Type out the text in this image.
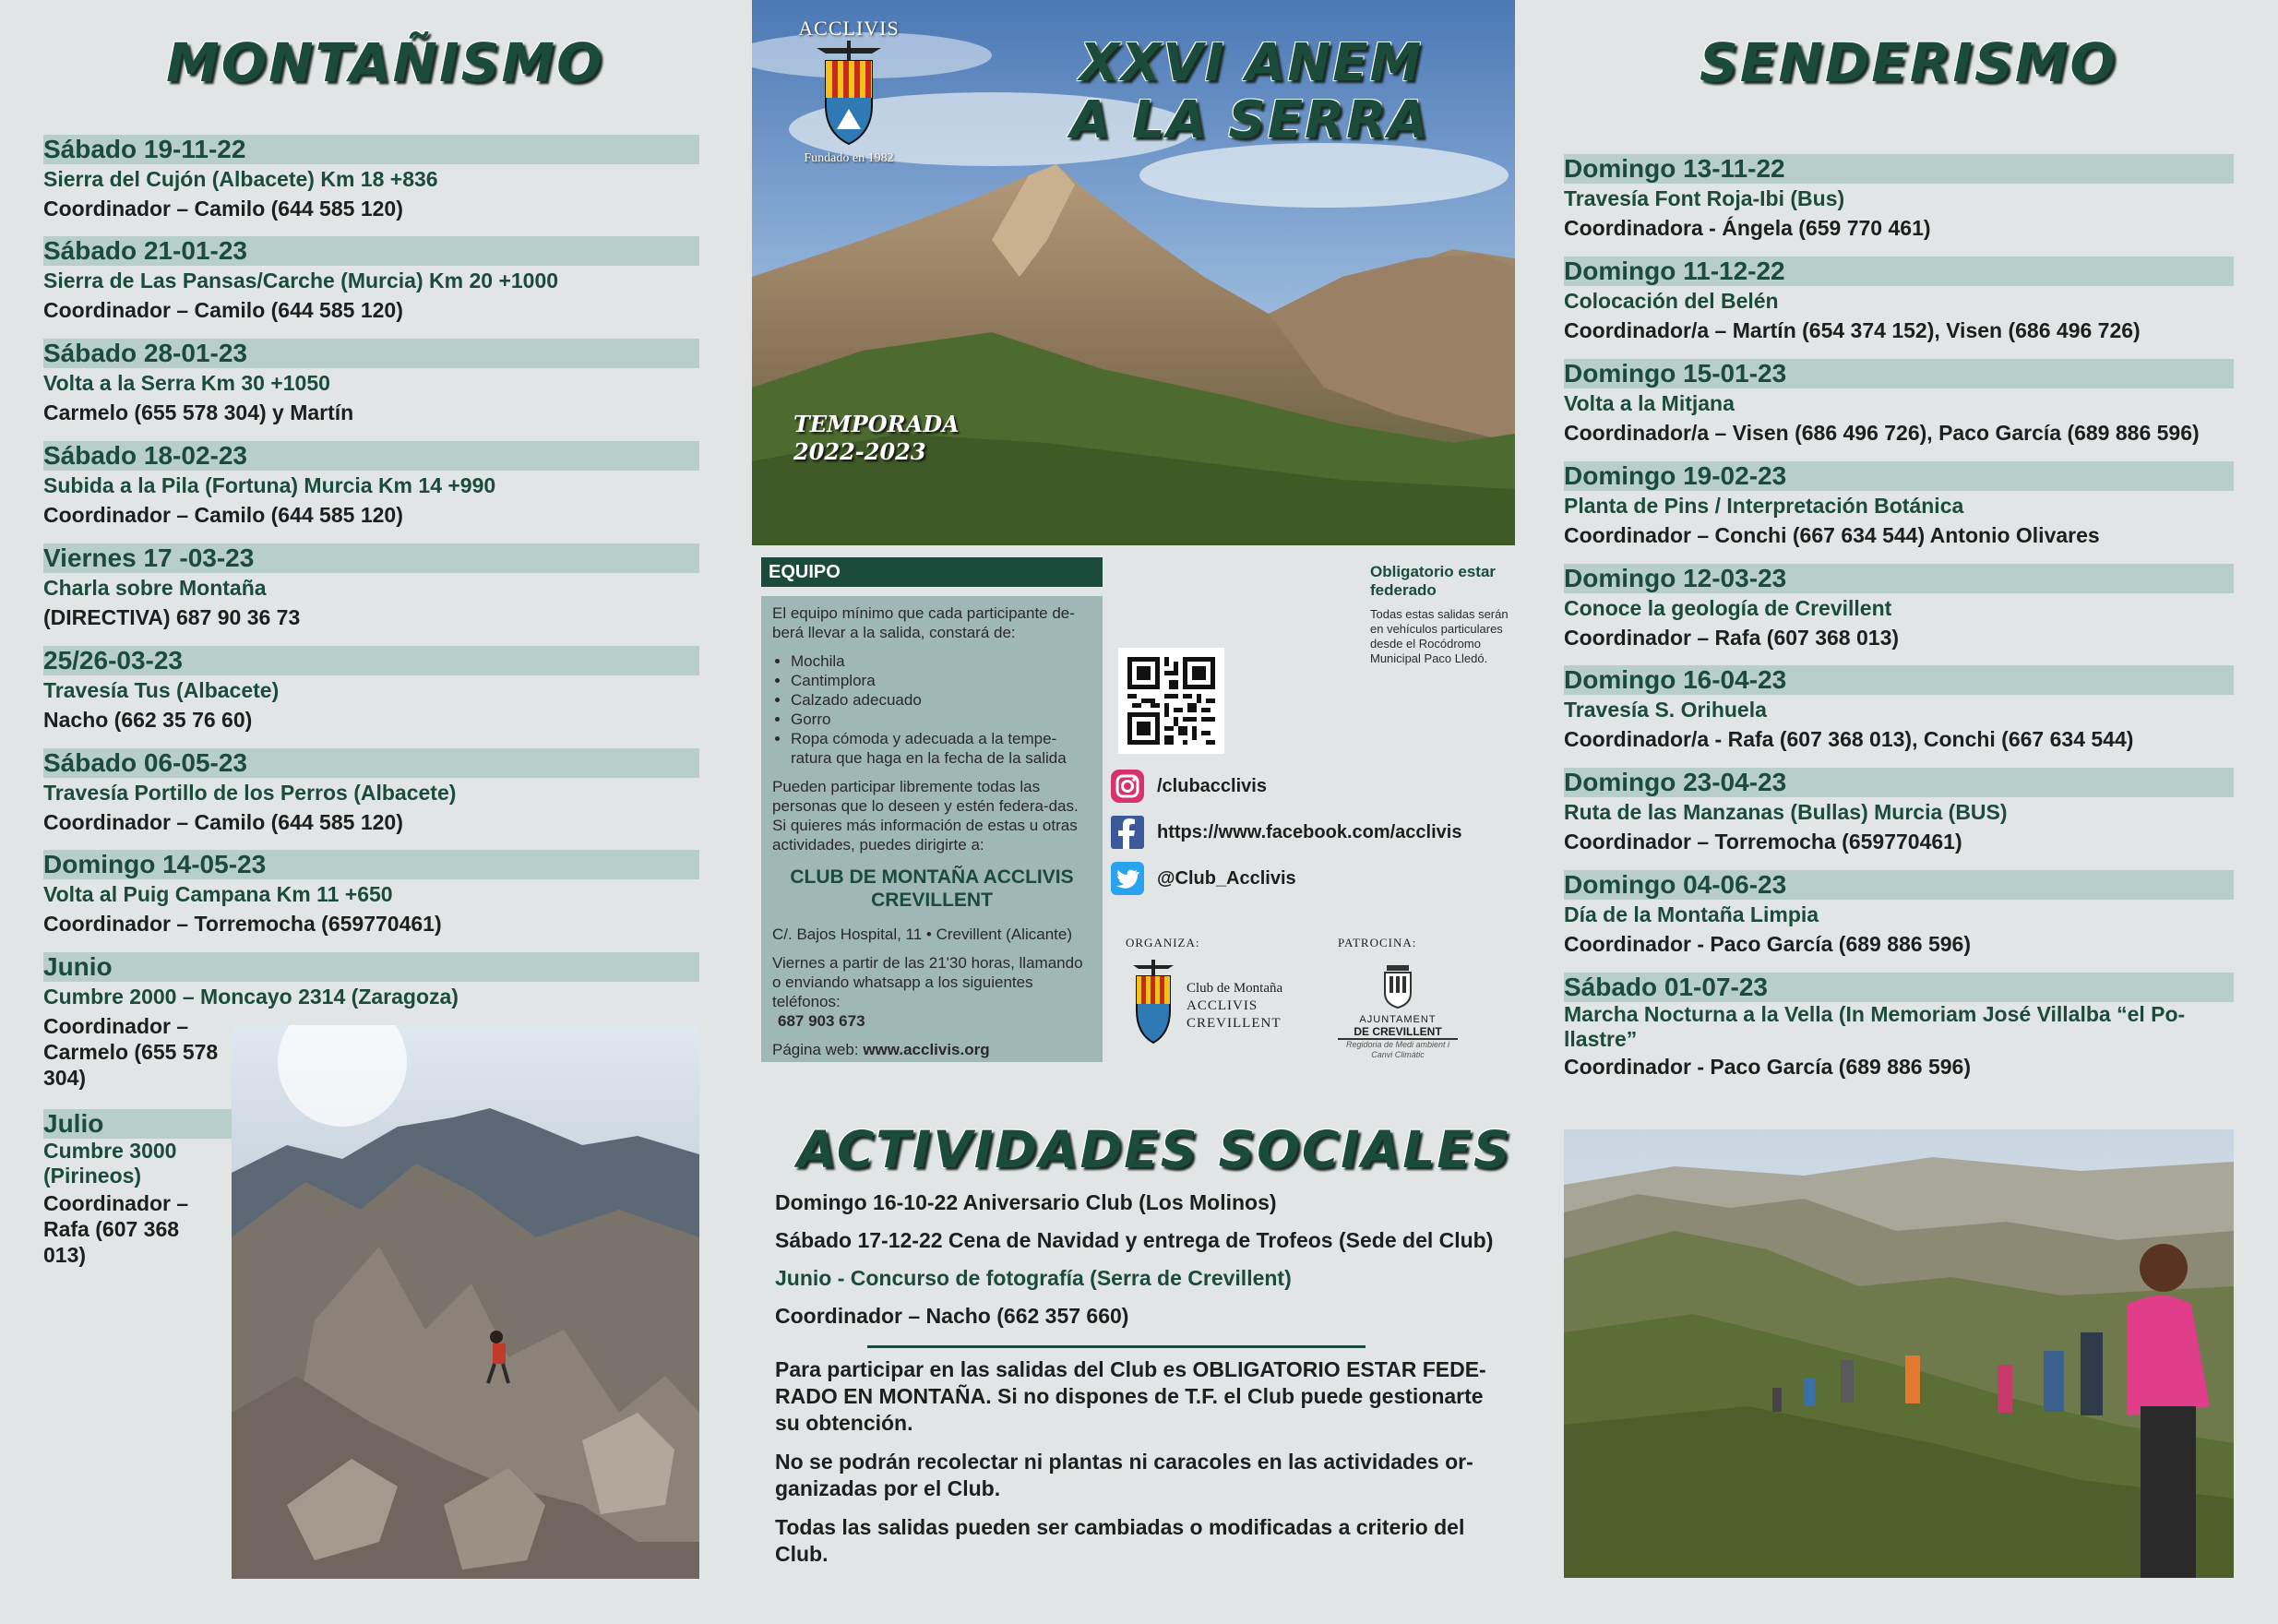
MONTAÑISMO
Sábado 19-11-22
Sierra del Cujón (Albacete) Km 18 +836
Coordinador – Camilo (644 585 120)
Sábado 21-01-23
Sierra de Las Pansas/Carche (Murcia) Km 20 +1000
Coordinador – Camilo (644 585 120)
Sábado 28-01-23
Volta a la Serra Km 30 +1050
Carmelo (655 578 304) y Martín
Sábado 18-02-23
Subida a la Pila (Fortuna) Murcia Km 14 +990
Coordinador – Camilo (644 585 120)
Viernes 17 -03-23
Charla sobre Montaña
(DIRECTIVA) 687 90 36 73
25/26-03-23
Travesía Tus (Albacete)
Nacho (662 35 76 60)
Sábado 06-05-23
Travesía Portillo de los Perros (Albacete)
Coordinador – Camilo (644 585 120)
Domingo 14-05-23
Volta al Puig Campana Km 11 +650
Coordinador – Torremocha (659770461)
Junio
Cumbre 2000 – Moncayo 2314 (Zaragoza)
Coordinador – Carmelo (655 578 304)
Julio
Cumbre 3000 (Pirineos)
Coordinador – Rafa (607 368 013)
ACCLIVIS
Fundado en 1982
XXVI ANEM
A LA SERRA
TEMPORADA
2022-2023
Obligatorio estar federado
Todas estas salidas serán en vehículos particulares desde el Rocódromo Municipal Paco Lledó.
/clubacclivis
https://www.facebook.com/acclivis
@Club_Acclivis
ORGANIZA:
Club de Montaña
ACCLIVIS
CREVILLENT
PATROCINA:
AJUNTAMENT
DE CREVILLENT
Regidoria de Medi ambient i Canvi Climàtic
ACTIVIDADES SOCIALES
EQUIPO
El equipo mínimo que cada participante de-berá llevar a la salida, constará de:
• Mochila
• Cantimplora
• Calzado adecuado
• Gorro
• Ropa cómoda y adecuada a la tempe-ratura que haga en la fecha de la salida
Pueden participar libremente todas las personas que lo deseen y estén federa-das. Si quieres más información de estas u otras actividades, puedes dirigirte a:
CLUB DE MONTAÑA ACCLIVIS CREVILLENT
C/. Bajos Hospital, 11 • Crevillent (Alicante)
Viernes a partir de las 21'30 horas, llamando o enviando whatsapp a los siguientes teléfonos:
687 903 673
Página web: www.acclivis.org
Domingo 16-10-22 Aniversario Club (Los Molinos)
Sábado 17-12-22 Cena de Navidad y entrega de Trofeos (Sede del Club)
Junio - Concurso de fotografía (Serra de Crevillent)
Coordinador – Nacho (662 357 660)
Para participar en las salidas del Club es OBLIGATORIO ESTAR FEDE-RADO EN MONTAÑA. Si no dispones de T.F. el Club puede gestionarte su obtención.
No se podrán recolectar ni plantas ni caracoles en las actividades or-ganizadas por el Club.
Todas las salidas pueden ser cambiadas o modificadas a criterio del Club.
SENDERISMO
Domingo 13-11-22
Travesía Font Roja-Ibi (Bus)
Coordinadora - Ángela (659 770 461)
Domingo 11-12-22
Colocación del Belén
Coordinador/a – Martín (654 374 152), Visen (686 496 726)
Domingo 15-01-23
Volta a la Mitjana
Coordinador/a – Visen (686 496 726), Paco García (689 886 596)
Domingo 19-02-23
Planta de Pins / Interpretación Botánica
Coordinador – Conchi (667 634 544) Antonio Olivares
Domingo 12-03-23
Conoce la geología de Crevillent
Coordinador – Rafa (607 368 013)
Domingo 16-04-23
Travesía S. Orihuela
Coordinador/a - Rafa (607 368 013), Conchi (667 634 544)
Domingo 23-04-23
Ruta de las Manzanas (Bullas) Murcia (BUS)
Coordinador – Torremocha (659770461)
Domingo 04-06-23
Día de la Montaña Limpia
Coordinador - Paco García (689 886 596)
Sábado 01-07-23
Marcha Nocturna a la Vella (In Memoriam José Villalba “el Po-llastre”
Coordinador - Paco García (689 886 596)
